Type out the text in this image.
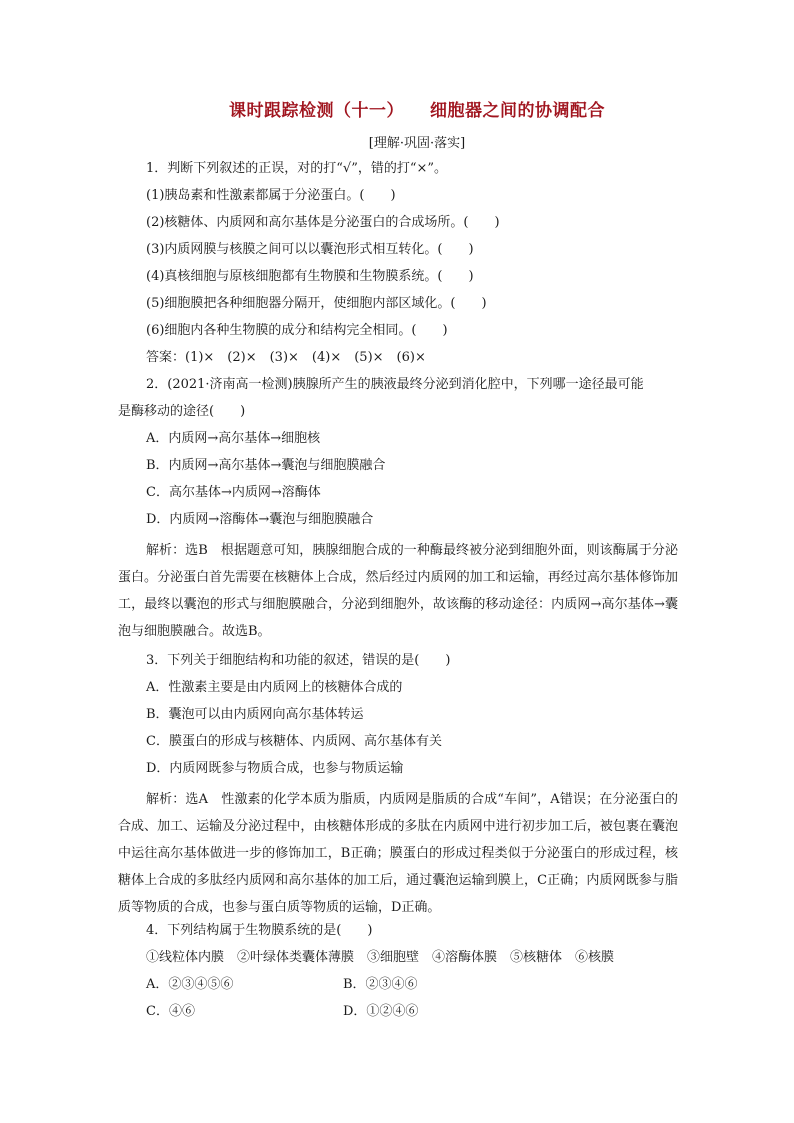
课时跟踪检测（十一） 细胞器之间的协调配合
[理解·巩固·落实]
1．判断下列叙述的正误，对的打“√”，错的打“×”。
(1)胰岛素和性激素都属于分泌蛋白。(　　)
(2)核糖体、内质网和高尔基体是分泌蛋白的合成场所。(　　)
(3)内质网膜与核膜之间可以以囊泡形式相互转化。(　　)
(4)真核细胞与原核细胞都有生物膜和生物膜系统。(　　)
(5)细胞膜把各种细胞器分隔开，使细胞内部区域化。(　　)
(6)细胞内各种生物膜的成分和结构完全相同。(　　)
答案：(1)×　(2)×　(3)×　(4)×　(5)×　(6)×
2．(2021·济南高一检测)胰腺所产生的胰液最终分泌到消化腔中，下列哪一途径最可能
是酶移动的途径(　　)
A．内质网→高尔基体→细胞核
B．内质网→高尔基体→囊泡与细胞膜融合
C．高尔基体→内质网→溶酶体
D．内质网→溶酶体→囊泡与细胞膜融合
解析：选B　根据题意可知，胰腺细胞合成的一种酶最终被分泌到细胞外面，则该酶属于分泌蛋白。分泌蛋白首先需要在核糖体上合成，然后经过内质网的加工和运输，再经过高尔基体修饰加工，最终以囊泡的形式与细胞膜融合，分泌到细胞外，故该酶的移动途径：内质网→高尔基体→囊泡与细胞膜融合。故选B。
3．下列关于细胞结构和功能的叙述，错误的是(　　)
A．性激素主要是由内质网上的核糖体合成的
B．囊泡可以由内质网向高尔基体转运
C．膜蛋白的形成与核糖体、内质网、高尔基体有关
D．内质网既参与物质合成，也参与物质运输
解析：选A　性激素的化学本质为脂质，内质网是脂质的合成“车间”，A错误；在分泌蛋白的合成、加工、运输及分泌过程中，由核糖体形成的多肽在内质网中进行初步加工后，被包裹在囊泡中运往高尔基体做进一步的修饰加工，B正确；膜蛋白的形成过程类似于分泌蛋白的形成过程，核糖体上合成的多肽经内质网和高尔基体的加工后，通过囊泡运输到膜上，C正确；内质网既参与脂质等物质的合成，也参与蛋白质等物质的运输，D正确。
4．下列结构属于生物膜系统的是(　　)
①线粒体内膜　②叶绿体类囊体薄膜　③细胞壁　④溶酶体膜　⑤核糖体　⑥核膜
A．②③④⑤⑥	B．②③④⑥
C．④⑥	D．①②④⑥
